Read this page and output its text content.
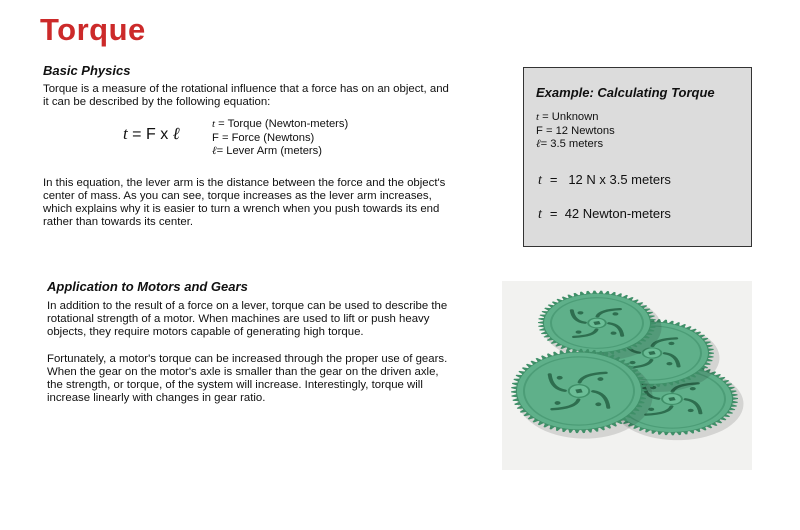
Torque
Basic Physics
Torque is a measure of the rotational influence that a force has on an object, and
it can be described by the following equation:
t = F x ℓ	t = Torque (Newton-meters)
F = Force (Newtons)
ℓ= Lever Arm (meters)
In this equation, the lever arm is the distance between the force and the object's
center of mass. As you can see, torque increases as the lever arm increases,
which explains why it is easier to turn a wrench when you push towards its end
rather than towards its center.
Example: Calculating Torque
t = Unknown
F = 12 Newtons
ℓ= 3.5 meters
t =   12 N x 3.5 meters
t =  42 Newton-meters
Application to Motors and Gears
In addition to the result of a force on a lever, torque can be used to describe the
rotational strength of a motor. When machines are used to lift or push heavy
objects, they require motors capable of generating high torque.
Fortunately, a motor's torque can be increased through the proper use of gears.
When the gear on the motor's axle is smaller than the gear on the driven axle,
the strength, or torque, of the system will increase. Interestingly, torque will
increase linearly with changes in gear ratio.
